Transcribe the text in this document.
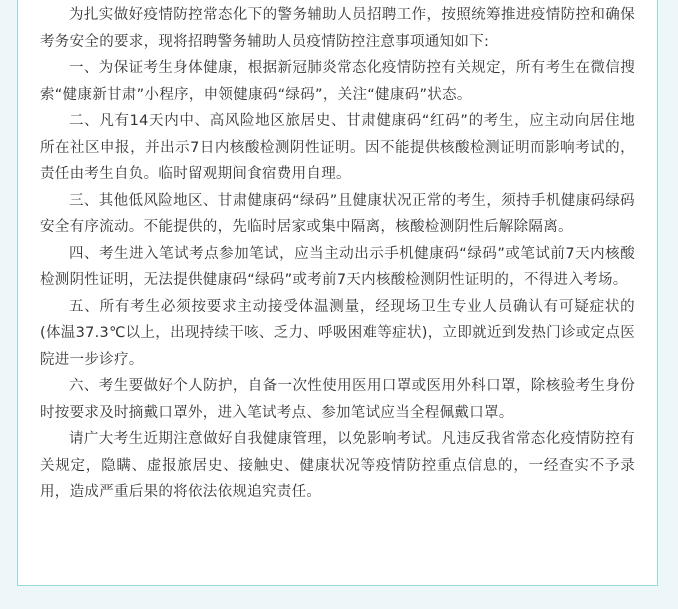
为扎实做好疫情防控常态化下的警务辅助人员招聘工作，按照统筹推进疫情防控和确保考务安全的要求，现将招聘警务辅助人员疫情防控注意事项通知如下:

一、为保证考生身体健康，根据新冠肺炎常态化疫情防控有关规定，所有考生在微信搜索“健康新甘肃”小程序，申领健康码“绿码”，关注“健康码”状态。

二、凡有14天内中、高风险地区旅居史、甘肃健康码“红码”的考生，应主动向居住地所在社区申报，并出示7日内核酸检测阴性证明。因不能提供核酸检测证明而影响考试的，责任由考生自负。临时留观期间食宿费用自理。

三、其他低风险地区、甘肃健康码“绿码”且健康状况正常的考生，须持手机健康码绿码安全有序流动。不能提供的，先临时居家或集中隔离，核酸检测阴性后解除隔离。

四、考生进入笔试考点参加笔试，应当主动出示手机健康码“绿码”或笔试前7天内核酸检测阴性证明，无法提供健康码“绿码”或考前7天内核酸检测阴性证明的，不得进入考场。

五、所有考生必须按要求主动接受体温测量，经现场卫生专业人员确认有可疑症状的(体温37.3℃以上，出现持续干咳、乏力、呼吸困难等症状)，立即就近到发热门诊或定点医院进一步诊疗。

六、考生要做好个人防护，自备一次性使用医用口罩或医用外科口罩，除核验考生身份时按要求及时摘戴口罩外，进入笔试考点、参加笔试应当全程佩戴口罩。

请广大考生近期注意做好自我健康管理，以免影响考试。凡违反我省常态化疫情防控有关规定，隐瞒、虚报旅居史、接触史、健康状况等疫情防控重点信息的，一经查实不予录用，造成严重后果的将依法依规追究责任。
